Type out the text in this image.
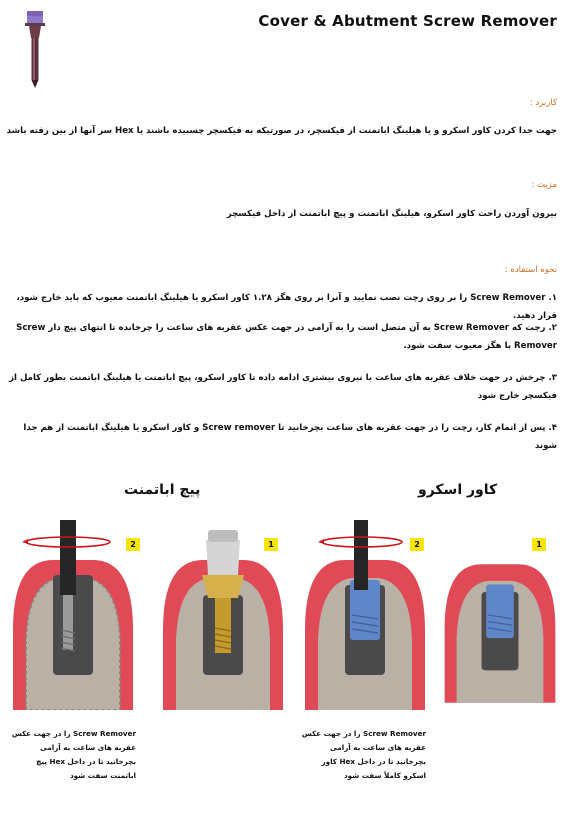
Cover & Abutment Screw Remover
کاربرد :
جهت جدا کردن کاور اسکرو و یا هیلینگ اباتمنت از فیکسچر، در صورتیکه به فیکسچر چسبیده باشند یا Hex سر آنها از بین رفته باشد
مزیت :
بیرون آوردن راحت کاور اسکرو، هیلینگ اباتمنت و پیچ اباتمنت از داخل فیکسچر
نحوه استفاده :
۱. Screw Remover را بر روی رچت نصب نمایید و آنرا بر روی هگز ۱.۲۸ کاور اسکرو یا هیلینگ اباتمنت معیوب که باید خارج شود، قرار دهید.
۲. رچت که Screw Remover به آن متصل است را به آرامی در جهت عکس عقربه های ساعت را چرخانده تا انتهای پیچ دار Screw Remover با هگز معیوب سفت شود.
۳. چرخش در جهت خلاف عقربه های ساعت با نیروی بیشتری ادامه داده تا کاور اسکرو، پیچ اباتمنت یا هیلینگ اباتمنت بطور کامل از فیکسچر خارج شود
۴. پس از اتمام کار، رچت را در جهت عقربه های ساعت بچرخانید تا Screw remover و کاور اسکرو یا هیلینگ اباتمنت از هم جدا شوند
پیچ اباتمنت	کاور اسکرو
2	1	2	1
Screw Remover را در جهت عکس عقربه های ساعت به آرامی بچرخانید تا در داخل Hex پیچ اباتمنت سفت شود
Screw Remover را در جهت عکس عقربه های ساعت به آرامی بچرخانید تا در داخل Hex کاور اسکرو کاملاً سفت شود
